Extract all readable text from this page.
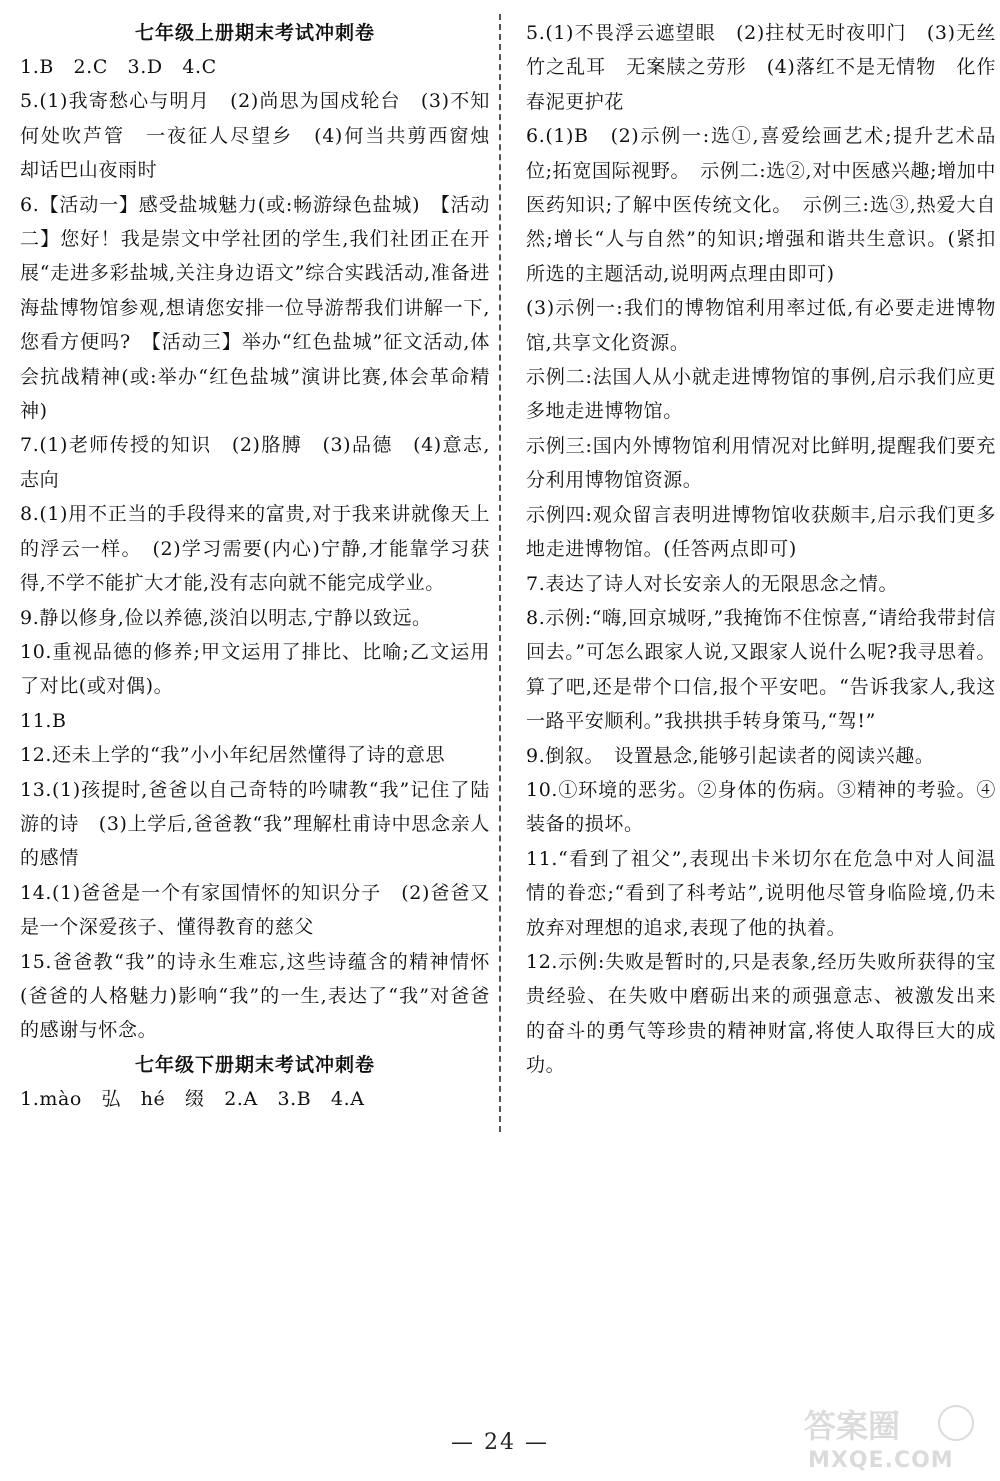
七年级上册期末考试冲刺卷
1.B　2.C　3.D　4.C
5.(1)我寄愁心与明月　(2)尚思为国戍轮台　(3)不知何处吹芦管　一夜征人尽望乡　(4)何当共剪西窗烛　却话巴山夜雨时
6.【活动一】感受盐城魅力(或:畅游绿色盐城)　【活动二】您好！我是崇文中学社团的学生,我们社团正在开展“走进多彩盐城,关注身边语文”综合实践活动,准备进海盐博物馆参观,想请您安排一位导游帮我们讲解一下,您看方便吗?　【活动三】举办“红色盐城”征文活动,体会抗战精神(或:举办“红色盐城”演讲比赛,体会革命精神)
7.(1)老师传授的知识　(2)胳膊　(3)品德　(4)意志,志向
8.(1)用不正当的手段得来的富贵,对于我来讲就像天上的浮云一样。　(2)学习需要(内心)宁静,才能靠学习获得,不学不能扩大才能,没有志向就不能完成学业。
9.静以修身,俭以养德,淡泊以明志,宁静以致远。
10.重视品德的修养;甲文运用了排比、比喻;乙文运用了对比(或对偶)。
11.B
12.还未上学的“我”小小年纪居然懂得了诗的意思
13.(1)孩提时,爸爸以自己奇特的吟啸教“我”记住了陆游的诗　(3)上学后,爸爸教“我”理解杜甫诗中思念亲人的感情
14.(1)爸爸是一个有家国情怀的知识分子　(2)爸爸又是一个深爱孩子、懂得教育的慈父
15.爸爸教“我”的诗永生难忘,这些诗蕴含的精神情怀(爸爸的人格魅力)影响“我”的一生,表达了“我”对爸爸的感谢与怀念。
七年级下册期末考试冲刺卷
1.mào　弘　hé　缀　2.A　3.B　4.A
5.(1)不畏浮云遮望眼　(2)拄杖无时夜叩门　(3)无丝竹之乱耳　无案牍之劳形　(4)落红不是无情物　化作春泥更护花
6.(1)B　(2)示例一:选①,喜爱绘画艺术;提升艺术品位;拓宽国际视野。　示例二:选②,对中医感兴趣;增加中医药知识;了解中医传统文化。　示例三:选③,热爱大自然;增长“人与自然”的知识;增强和谐共生意识。(紧扣所选的主题活动,说明两点理由即可)
(3)示例一:我们的博物馆利用率过低,有必要走进博物馆,共享文化资源。
示例二:法国人从小就走进博物馆的事例,启示我们应更多地走进博物馆。
示例三:国内外博物馆利用情况对比鲜明,提醒我们要充分利用博物馆资源。
示例四:观众留言表明进博物馆收获颇丰,启示我们更多地走进博物馆。(任答两点即可)
7.表达了诗人对长安亲人的无限思念之情。
8.示例:“嗨,回京城呀,”我掩饰不住惊喜,“请给我带封信回去。”可怎么跟家人说,又跟家人说什么呢?我寻思着。算了吧,还是带个口信,报个平安吧。“告诉我家人,我这一路平安顺利。”我拱拱手转身策马,“驾!”
9.倒叙。　设置悬念,能够引起读者的阅读兴趣。
10.①环境的恶劣。②身体的伤病。③精神的考验。④装备的损坏。
11.“看到了祖父”,表现出卡米切尔在危急中对人间温情的眷恋;“看到了科考站”,说明他尽管身临险境,仍未放弃对理想的追求,表现了他的执着。
12.示例:失败是暂时的,只是表象,经历失败所获得的宝贵经验、在失败中磨砺出来的顽强意志、被激发出来的奋斗的勇气等珍贵的精神财富,将使人取得巨大的成功。
— 24 —	答案圈
MXQE.COM
